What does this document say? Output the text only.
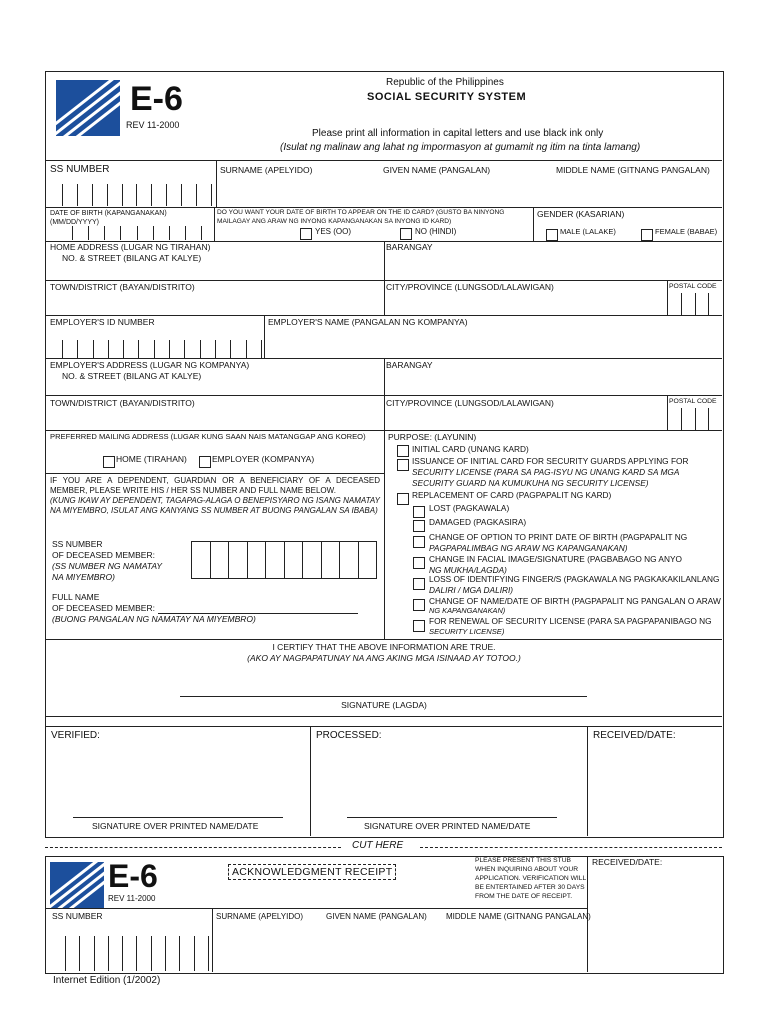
E-6
REV 11-2000
Republic of the Philippines
SOCIAL SECURITY SYSTEM
Please print all information in capital letters and use black ink only
(Isulat ng malinaw ang lahat ng impormasyon at gumamit ng itim na tinta lamang)
SS NUMBER	SURNAME (APELYIDO)	GIVEN NAME (PANGALAN)	MIDDLE NAME (GITNANG PANGALAN)
DATE OF BIRTH (KAPANGANAKAN)
(MM/DD/YYYY)
DO YOU WANT YOUR DATE OF BIRTH TO APPEAR ON THE ID CARD? (GUSTO BA NINYONG
MAILAGAY ANG ARAW NG INYONG KAPANGANAKAN SA INYONG ID KARD)
YES (OO)	NO (HINDI)
GENDER (KASARIAN)
MALE (LALAKE)	FEMALE (BABAE)
HOME ADDRESS (LUGAR NG TIRAHAN)
NO. & STREET (BILANG AT KALYE)
BARANGAY
TOWN/DISTRICT (BAYAN/DISTRITO)	CITY/PROVINCE (LUNGSOD/LALAWIGAN)	POSTAL CODE
EMPLOYER'S ID NUMBER	EMPLOYER'S NAME (PANGALAN NG KOMPANYA)
EMPLOYER'S ADDRESS (LUGAR NG KOMPANYA)
NO. & STREET (BILANG AT KALYE)
BARANGAY
TOWN/DISTRICT (BAYAN/DISTRITO)	CITY/PROVINCE (LUNGSOD/LALAWIGAN)	POSTAL CODE
PREFERRED MAILING ADDRESS (LUGAR KUNG SAAN NAIS MATANGGAP ANG KOREO)
HOME (TIRAHAN)	EMPLOYER (KOMPANYA)
IF YOU ARE A DEPENDENT, GUARDIAN OR A BENEFICIARY OF A DECEASED MEMBER, PLEASE WRITE HIS / HER SS NUMBER AND FULL NAME BELOW.
(KUNG IKAW AY DEPENDENT, TAGAPAG-ALAGA O BENEPISYARO NG ISANG NAMATAY NA MIYEMBRO, ISULAT ANG KANYANG SS NUMBER AT BUONG PANGALAN SA IBABA)
SS NUMBER
OF DECEASED MEMBER:
(SS NUMBER NG NAMATAY
NA MIYEMBRO)
FULL NAME
OF DECEASED MEMBER:
(BUONG PANGALAN NG NAMATAY NA MIYEMBRO)
PURPOSE: (LAYUNIN)
INITIAL CARD (UNANG KARD)
ISSUANCE OF INITIAL CARD FOR SECURITY GUARDS APPLYING FOR
SECURITY LICENSE (PARA SA PAG-ISYU NG UNANG KARD SA MGA
SECURITY GUARD NA KUMUKUHA NG SECURITY LICENSE)
REPLACEMENT OF CARD (PAGPAPALIT NG KARD)
LOST (PAGKAWALA)
DAMAGED (PAGKASIRA)
CHANGE OF OPTION TO PRINT DATE OF BIRTH (PAGPAPALIT NG
PAGPAPALIMBAG NG ARAW NG KAPANGANAKAN)
CHANGE IN FACIAL IMAGE/SIGNATURE (PAGBABAGO NG ANYO
NG MUKHA/LAGDA)
LOSS OF IDENTIFYING FINGER/S (PAGKAWALA NG PAGKAKAKILANLANG
DALIRI / MGA DALIRI)
CHANGE OF NAME/DATE OF BIRTH (PAGPAPALIT NG PANGALAN O ARAW
NG KAPANGANAKAN)
FOR RENEWAL OF SECURITY LICENSE (PARA SA PAGPAPANIBAGO NG
SECURITY LICENSE)
I CERTIFY THAT THE ABOVE INFORMATION ARE TRUE.
(AKO AY NAGPAPATUNAY NA ANG AKING MGA ISINAAD AY TOTOO.)
SIGNATURE (LAGDA)
VERIFIED:	PROCESSED:	RECEIVED/DATE:
SIGNATURE OVER PRINTED NAME/DATE	SIGNATURE OVER PRINTED NAME/DATE
CUT HERE
E-6
REV 11-2000
ACKNOWLEDGMENT RECEIPT
PLEASE PRESENT THIS STUB
WHEN INQUIRING ABOUT YOUR
APPLICATION. VERIFICATION WILL
BE ENTERTAINED AFTER 30 DAYS
FROM THE DATE OF RECEIPT.
RECEIVED/DATE:
SS NUMBER	SURNAME (APELYIDO)	GIVEN NAME (PANGALAN) MIDDLE NAME (GITNANG PANGALAN)
Internet Edition (1/2002)
